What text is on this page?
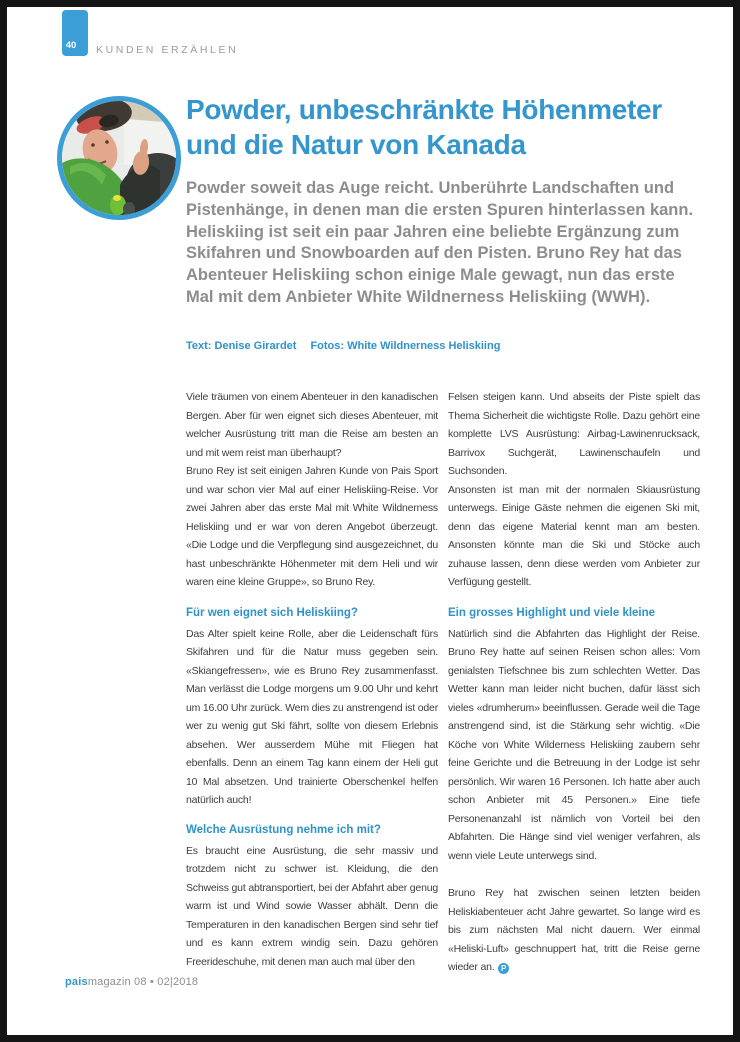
40	KUNDEN ERZÄHLEN
Powder, unbeschränkte Höhenmeter
und die Natur von Kanada
Powder soweit das Auge reicht. Unberührte Landschaften und Pistenhänge, in denen man die ersten Spuren hinterlassen kann. Heliskiing ist seit ein paar Jahren eine beliebte Ergänzung zum Skifahren und Snowboarden auf den Pisten. Bruno Rey hat das Abenteuer Heliskiing schon einige Male gewagt, nun das erste Mal mit dem Anbieter White Wildnerness Heliskiing (WWH).
Text: Denise Girardet Fotos: White Wildnerness Heliskiing

Viele träumen von einem Abenteuer in den kanadischen Bergen. Aber für wen eignet sich dieses Abenteuer, mit welcher Ausrüstung tritt man die Reise am besten an und mit wem reist man überhaupt?

Bruno Rey ist seit einigen Jahren Kunde von Pais Sport und war schon vier Mal auf einer Heliskiing-Reise. Vor zwei Jahren aber das erste Mal mit White Wildnerness Heliskiing und er war von deren Angebot überzeugt. «Die Lodge und die Verpflegung sind ausgezeichnet, du hast unbeschränkte Höhenmeter mit dem Heli und wir waren eine kleine Gruppe», so Bruno Rey.

Für wen eignet sich Heliskiing?

Das Alter spielt keine Rolle, aber die Leidenschaft fürs Skifahren und für die Natur muss gegeben sein. «Skiangefressen», wie es Bruno Rey zusammenfasst. Man verlässt die Lodge morgens um 9.00 Uhr und kehrt um 16.00 Uhr zurück. Wem dies zu anstrengend ist oder wer zu wenig gut Ski fährt, sollte von diesem Erlebnis absehen. Wer ausserdem Mühe mit Fliegen hat ebenfalls. Denn an einem Tag kann einem der Heli gut 10 Mal absetzen. Und trainierte Oberschenkel helfen natürlich auch!

Welche Ausrüstung nehme ich mit?

Es braucht eine Ausrüstung, die sehr massiv und trotzdem nicht zu schwer ist. Kleidung, die den Schweiss gut abtransportiert, bei der Abfahrt aber genug warm ist und Wind sowie Wasser abhält. Denn die Temperaturen in den kanadischen Bergen sind sehr tief und es kann extrem windig sein. Dazu gehören Freerideschuhe, mit denen man auch mal über den

Felsen steigen kann. Und abseits der Piste spielt das Thema Sicherheit die wichtigste Rolle. Dazu gehört eine komplette LVS Ausrüstung: Airbag-Lawinenrucksack, Barrivox Suchgerät, Lawinenschaufeln und Suchsonden.

Ansonsten ist man mit der normalen Skiausrüstung unterwegs. Einige Gäste nehmen die eigenen Ski mit, denn das eigene Material kennt man am besten. Ansonsten könnte man die Ski und Stöcke auch zuhause lassen, denn diese werden vom Anbieter zur Verfügung gestellt.

Ein grosses Highlight und viele kleine

Natürlich sind die Abfahrten das Highlight der Reise. Bruno Rey hatte auf seinen Reisen schon alles: Vom genialsten Tiefschnee bis zum schlechten Wetter. Das Wetter kann man leider nicht buchen, dafür lässt sich vieles «drumherum» beeinflussen. Gerade weil die Tage anstrengend sind, ist die Stärkung sehr wichtig. «Die Köche von White Wilderness Heliskiing zaubern sehr feine Gerichte und die Betreuung in der Lodge ist sehr persönlich. Wir waren 16 Personen. Ich hatte aber auch schon Anbieter mit 45 Personen.» Eine tiefe Personenanzahl ist nämlich von Vorteil bei den Abfahrten. Die Hänge sind viel weniger verfahren, als wenn viele Leute unterwegs sind.

Bruno Rey hat zwischen seinen letzten beiden Heliskiabenteuer acht Jahre gewartet. So lange wird es bis zum nächsten Mal nicht dauern. Wer einmal «Heliski-Luft» geschnuppert hat, tritt die Reise gerne wieder an. P

paismagazin 08 • 02|2018
